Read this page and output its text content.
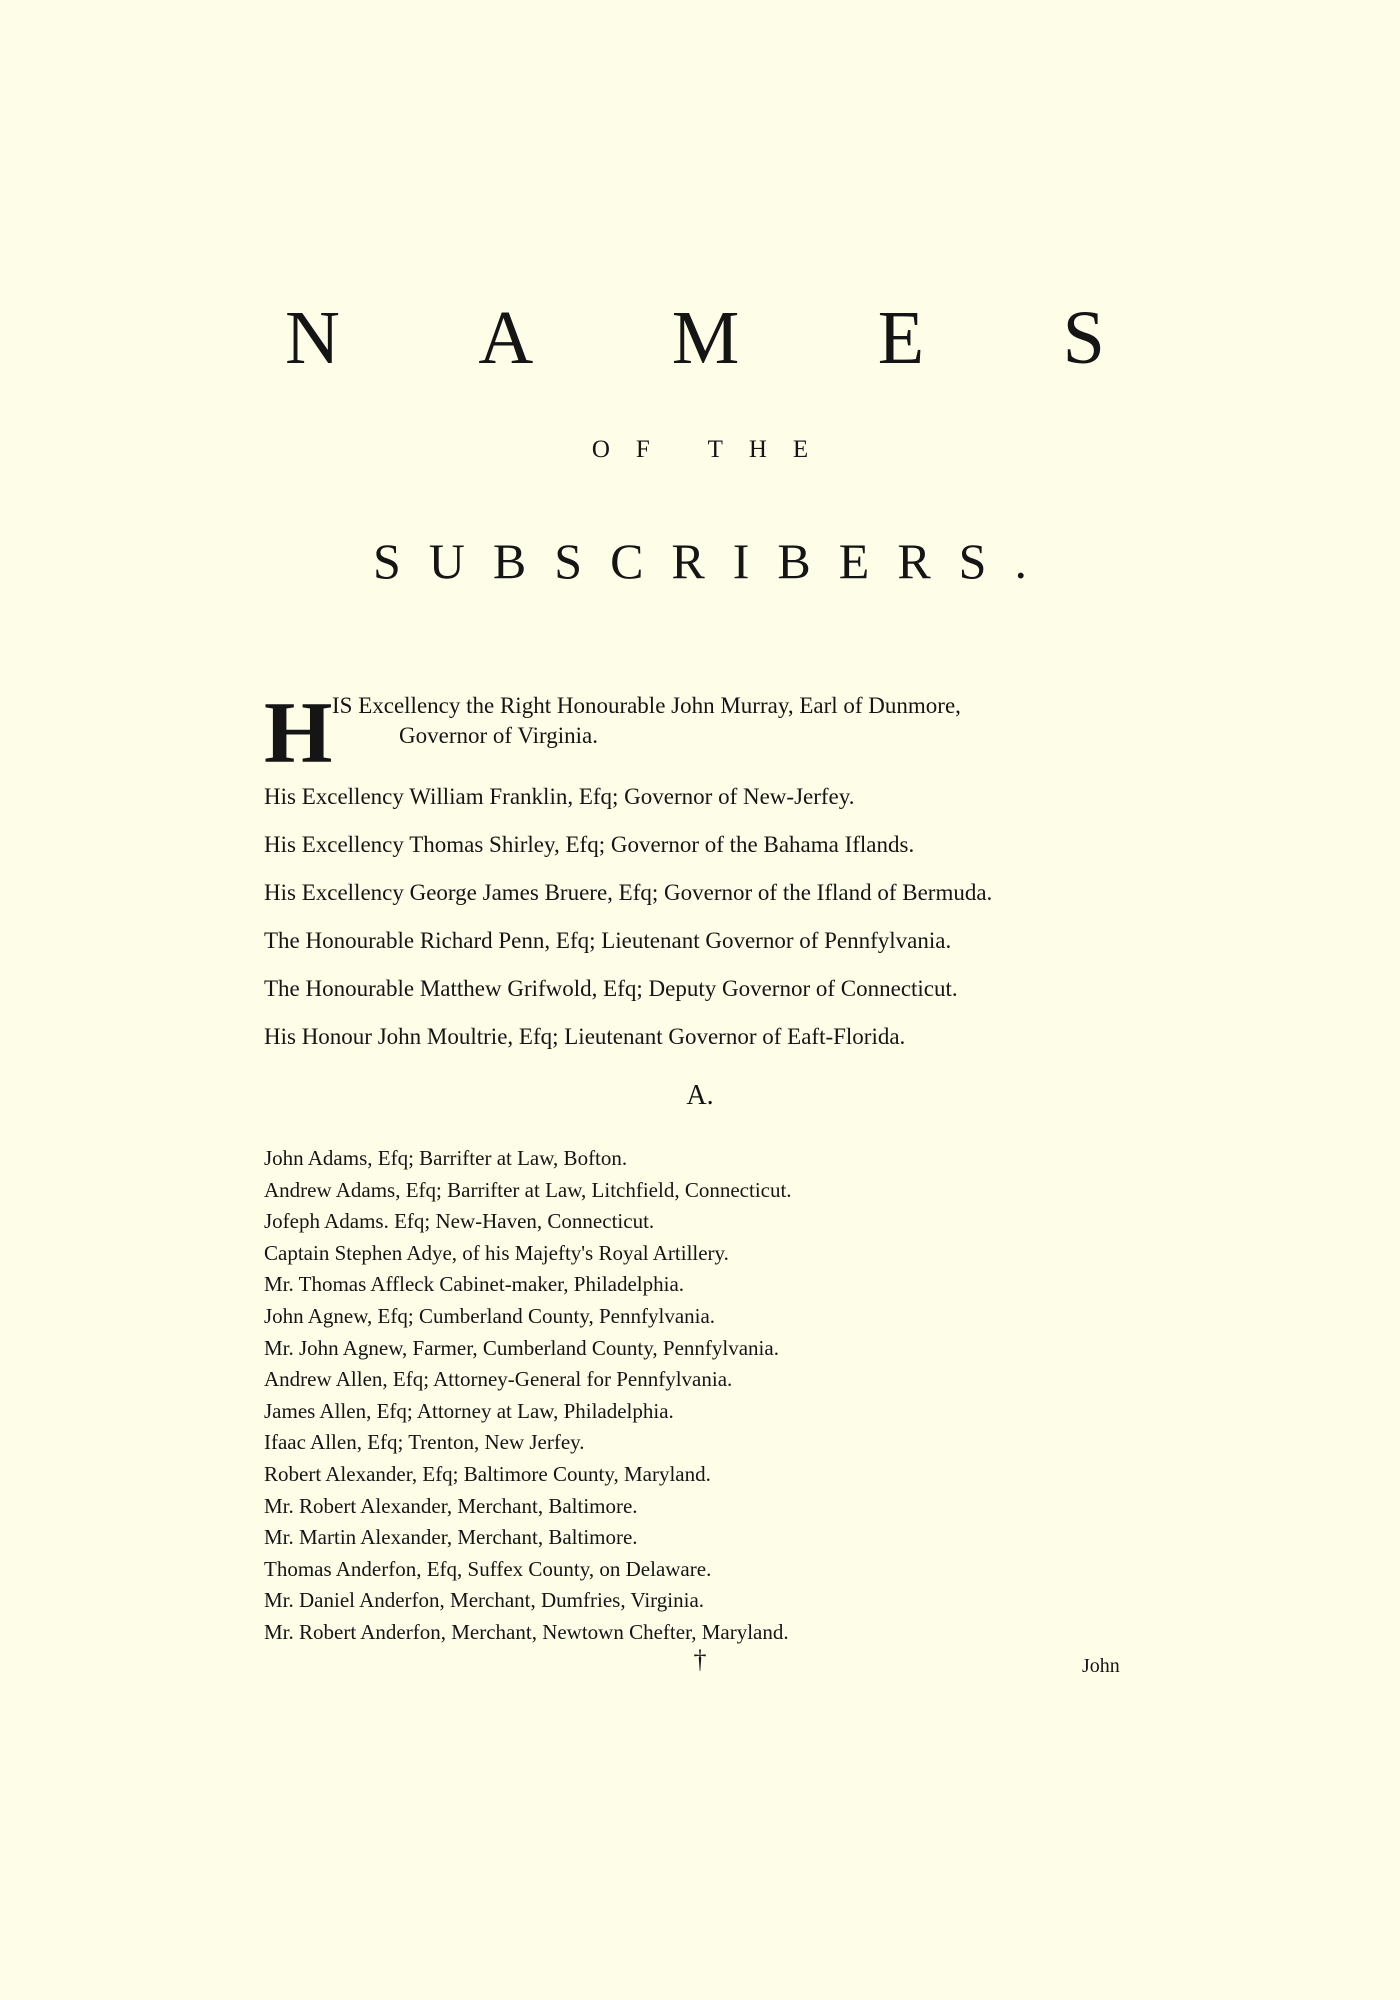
N A M E S
OF THE
SUBSCRIBERS.
H IS Excellency the Right Honourable John Murray, Earl of Dunmore,
Governor of Virginia.
His Excellency William Franklin, Efq; Governor of New-Jerfey.
His Excellency Thomas Shirley, Efq; Governor of the Bahama Iflands.
His Excellency George James Bruere, Efq; Governor of the Ifland of Bermuda.
The Honourable Richard Penn, Efq; Lieutenant Governor of Pennfylvania.
The Honourable Matthew Grifwold, Efq; Deputy Governor of Connecticut.
His Honour John Moultrie, Efq; Lieutenant Governor of Eaft-Florida.
A.
John Adams, Efq; Barrifter at Law, Bofton.
Andrew Adams, Efq; Barrifter at Law, Litchfield, Connecticut.
Jofeph Adams. Efq; New-Haven, Connecticut.
Captain Stephen Adye, of his Majefty's Royal Artillery.
Mr. Thomas Affleck Cabinet-maker, Philadelphia.
John Agnew, Efq; Cumberland County, Pennfylvania.
Mr. John Agnew, Farmer, Cumberland County, Pennfylvania.
Andrew Allen, Efq; Attorney-General for Pennfylvania.
James Allen, Efq; Attorney at Law, Philadelphia.
Ifaac Allen, Efq; Trenton, New Jerfey.
Robert Alexander, Efq; Baltimore County, Maryland.
Mr. Robert Alexander, Merchant, Baltimore.
Mr. Martin Alexander, Merchant, Baltimore.
Thomas Anderfon, Efq, Suffex County, on Delaware.
Mr. Daniel Anderfon, Merchant, Dumfries, Virginia.
Mr. Robert Anderfon, Merchant, Newtown Chefter, Maryland.
†	John
